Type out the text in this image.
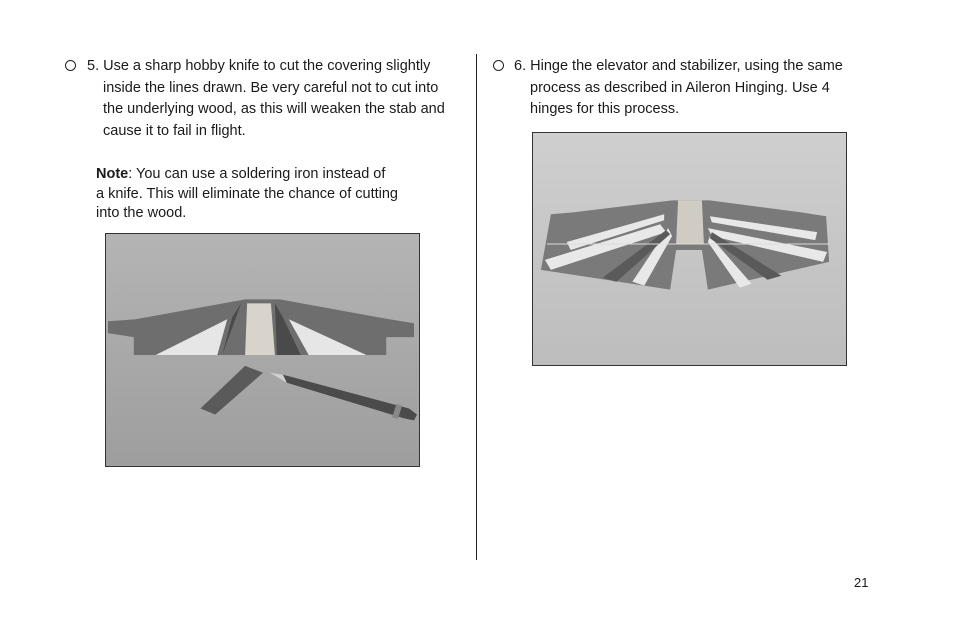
5. Use a sharp hobby knife to cut the covering slightly
inside the lines drawn. Be very careful not to cut into
the underlying wood, as this will weaken the stab and
cause it to fail in flight.
Note: You can use a soldering iron instead of
a knife. This will eliminate the chance of cutting
into the wood.
6. Hinge the elevator and stabilizer, using the same
process as described in Aileron Hinging. Use 4
hinges for this process.
21
